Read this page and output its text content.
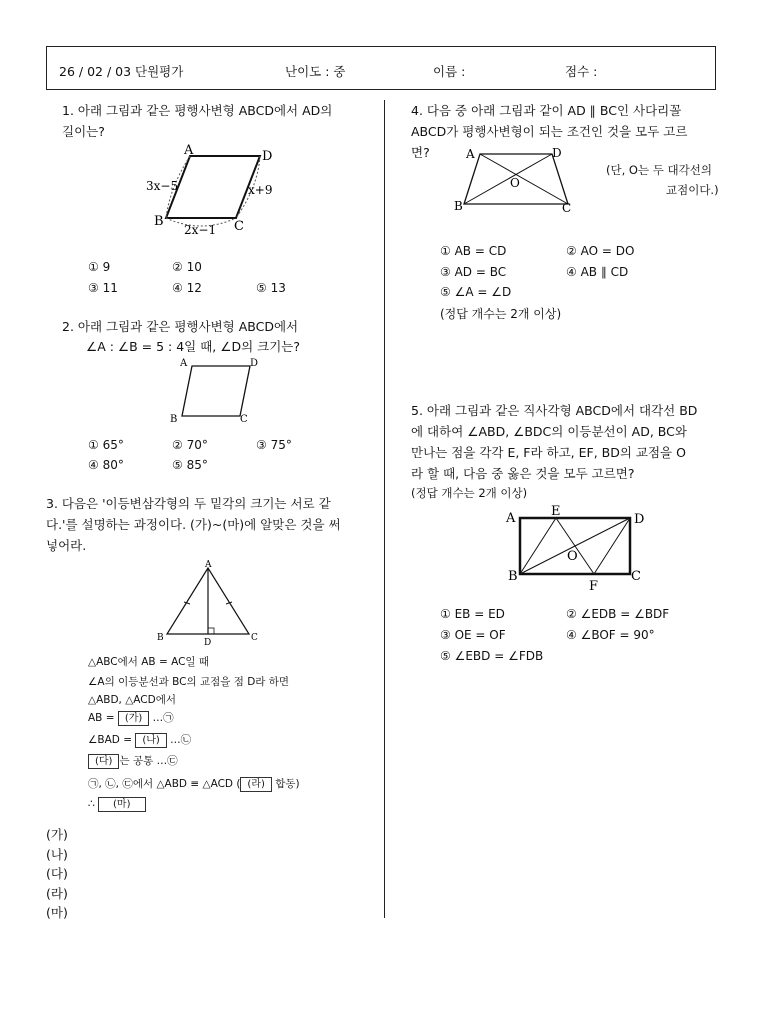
26 / 02 / 03 단원평가	난이도 : 중	이름 :	점수 :
1. 아래 그림과 같은 평행사변형 ABCD에서 AD의
길이는?
A	D
B	C
3x−5	x+9
2x−1
① 9	② 10
③ 11	④ 12	⑤ 13
2. 아래 그림과 같은 평행사변형 ABCD에서
∠A : ∠B = 5 : 4일 때, ∠D의 크기는?
A	D
B	C
① 65°	② 70°	③ 75°
④ 80°	⑤ 85°
3. 다음은 '이등변삼각형의 두 밑각의 크기는 서로 같
다.'를 설명하는 과정이다. (가)~(마)에 알맞은 것을 써
넣어라.
A
B	D	C
△ABC에서 AB = AC일 때
∠A의 이등분선과 BC의 교점을 점 D라 하면
△ABD, △ACD에서
AB = (가) …㉠
∠BAD = (나) …㉡
(다) 는 공통 …㉢
㉠, ㉡, ㉢에서 △ABD ≡ △ACD ( (라) 합동)
∴ (마)
(가)
(나)
(다)
(라)
(마)
4. 다음 중 아래 그림과 같이 AD ∥ BC인 사다리꼴
ABCD가 평행사변형이 되는 조건인 것을 모두 고르
면?	A	D
B	C
O
(단, O는 두 대각선의
교점이다.)
① AB = CD	② AO = DO
③ AD = BC	④ AB ∥ CD
⑤ ∠A = ∠D
(정답 개수는 2개 이상)
5. 아래 그림과 같은 직사각형 ABCD에서 대각선 BD
에 대하여 ∠ABD, ∠BDC의 이등분선이 AD, BC와
만나는 점을 각각 E, F라 하고, EF, BD의 교점을 O
라 할 때, 다음 중 옳은 것을 모두 고르면?
(정답 개수는 2개 이상)
A	E
D
B
F
C
O
① EB = ED	② ∠EDB = ∠BDF
③ OE = OF	④ ∠BOF = 90°
⑤ ∠EBD = ∠FDB
